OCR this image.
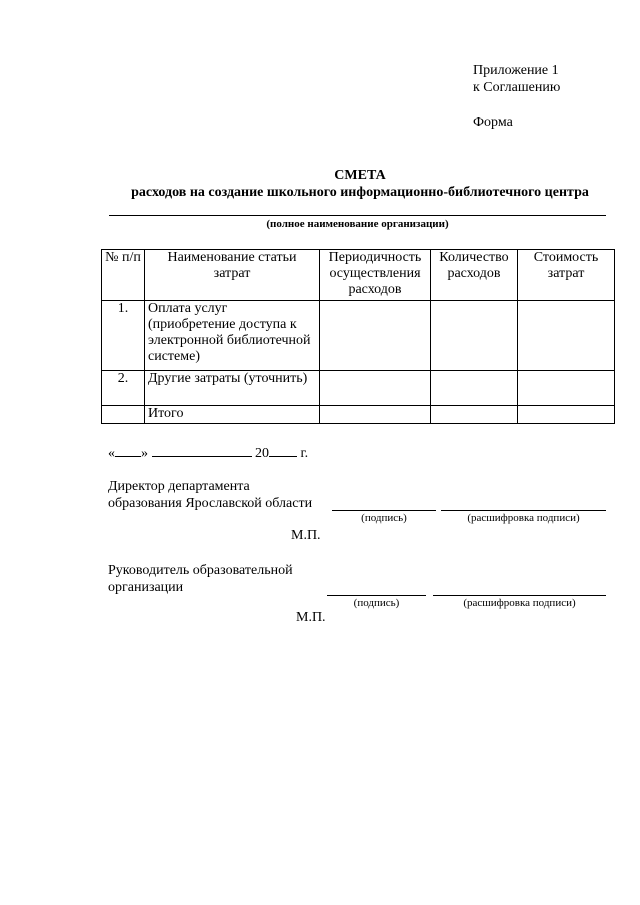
Приложение 1
к Соглашению
Форма
СМЕТА
расходов на создание школьного информационно-библиотечного центра
(полное наименование организации)
№ п/п	Наименование статьи затрат	Периодичность осуществления расходов	Количество расходов	Стоимость затрат
1.	Оплата услуг (приобретение доступа к электронной библиотечной системе)			
2.	Другие затраты (уточнить)			
	Итого			
« »	20 г.
Директор департамента
образования Ярославской области
(подпись)	(расшифровка подписи)
М.П.
Руководитель образовательной
организации
(подпись)	(расшифровка подписи)
М.П.
